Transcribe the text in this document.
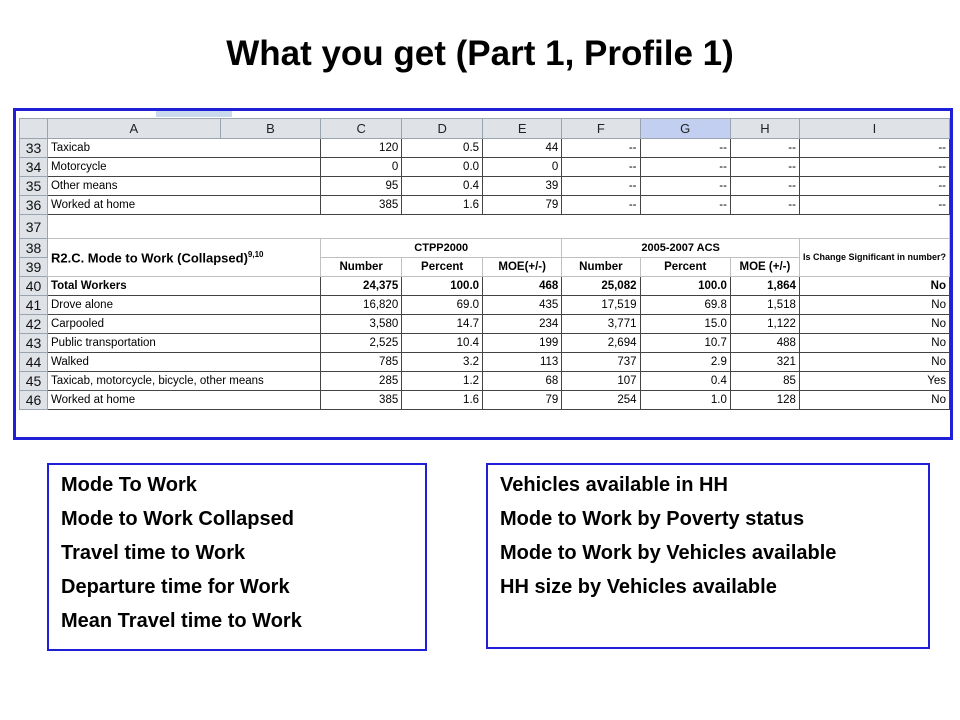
What you get (Part 1, Profile 1)
	A	B	C	D	E	F	G	H	I
33	Taxicab		120	0.5	44	--	--	--	--
34	Motorcycle		0	0.0	0	--	--	--	--
35	Other means		95	0.4	39	--	--	--	--
36	Worked at home		385	1.6	79	--	--	--	--
37									
38	R2.C. Mode to Work (Collapsed)$^{9,10}$		CTPP2000			2005-2007 ACS			Is Change Significant in number?
39			Number	Percent	MOE(+/-)	Number	Percent	MOE (+/-)	
40	Total Workers		24,375	100.0	468	25,082	100.0	1,864	No
41	Drove alone		16,820	69.0	435	17,519	69.8	1,518	No
42	Carpooled		3,580	14.7	234	3,771	15.0	1,122	No
43	Public transportation		2,525	10.4	199	2,694	10.7	488	No
44	Walked		785	3.2	113	737	2.9	321	No
45	Taxicab, motorcycle, bicycle, other means		285	1.2	68	107	0.4	85	Yes
46	Worked at home		385	1.6	79	254	1.0	128	No
Mode To Work
Mode to Work Collapsed
Travel time to Work
Departure time for Work
Mean Travel time to Work
Vehicles available in HH
Mode to Work by Poverty status
Mode to Work by Vehicles available
HH size by Vehicles available
